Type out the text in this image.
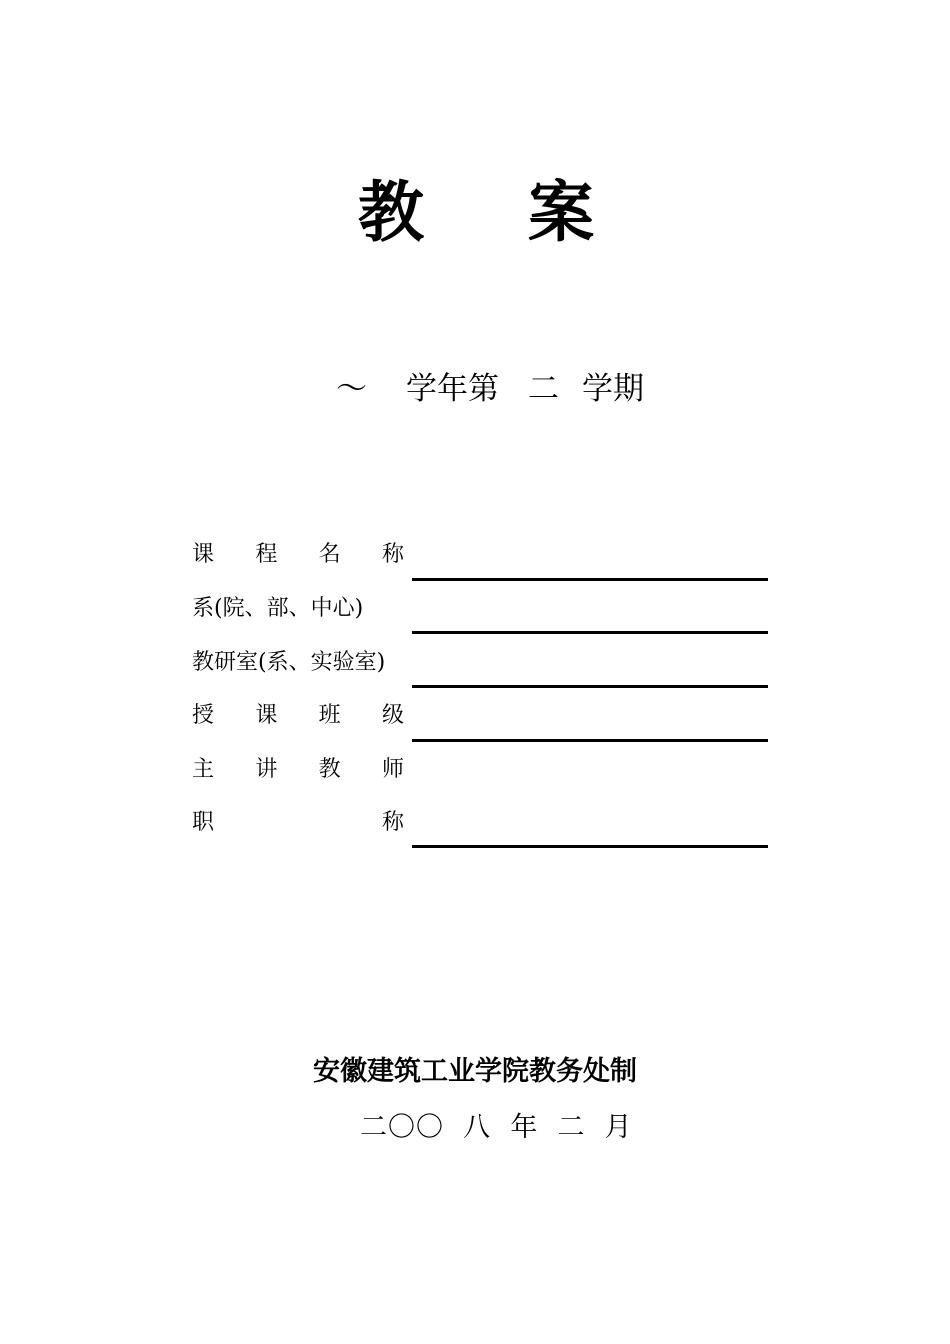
教 案
～ 学年第 二 学期
课 程 名 称
系(院、部、中心)
教研室(系、实验室)
授 课 班 级
主 讲 教 师
职	称
安徽建筑工业学院教务处制
二〇〇  八  年  二  月
